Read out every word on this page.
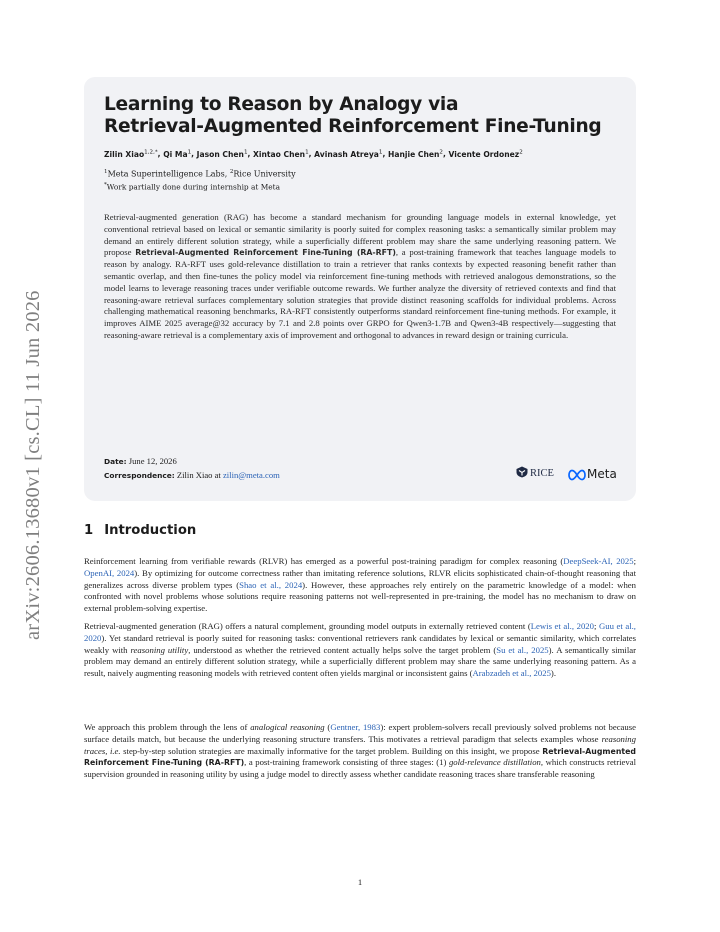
arXiv:2606.13680v1 [cs.CL] 11 Jun 2026
Learning to Reason by Analogy via
Retrieval-Augmented Reinforcement Fine-Tuning
Zilin Xiao$^{1,2,*}$, Qi Ma$^1$, Jason Chen$^1$, Xintao Chen$^1$, Avinash Atreya$^1$, Hanjie Chen$^2$, Vicente Ordonez$^2$
$^1$Meta Superintelligence Labs, $^2$Rice University
*Work partially done during internship at Meta

Retrieval-augmented generation (RAG) has become a standard mechanism for grounding language models in external knowledge, yet conventional retrieval based on lexical or semantic similarity is poorly suited for complex reasoning tasks: a semantically similar problem may demand an entirely different solution strategy, while a superficially different problem may share the same underlying reasoning pattern. We propose Retrieval-Augmented Reinforcement Fine-Tuning (RA-RFT), a post-training framework that teaches language models to reason by analogy. RA-RFT uses gold-relevance distillation to train a retriever that ranks contexts by expected reasoning benefit rather than semantic overlap, and then fine-tunes the policy model via reinforcement fine-tuning methods with retrieved analogous demonstrations, so the model learns to leverage reasoning traces under verifiable outcome rewards. We further analyze the diversity of retrieved contexts and find that reasoning-aware retrieval surfaces complementary solution strategies that provide distinct reasoning scaffolds for individual problems. Across challenging mathematical reasoning benchmarks, RA-RFT consistently outperforms standard reinforcement fine-tuning methods. For example, it improves AIME 2025 average@32 accuracy by 7.1 and 2.8 points over GRPO for Qwen3-1.7B and Qwen3-4B respectively—suggesting that reasoning-aware retrieval is a complementary axis of improvement and orthogonal to advances in reward design or training curricula.

Date: June 12, 2026
Correspondence: Zilin Xiao at zilin@meta.com	RICE	Meta
1 Introduction

Reinforcement learning from verifiable rewards (RLVR) has emerged as a powerful post-training paradigm for complex reasoning (DeepSeek-AI, 2025; OpenAI, 2024). By optimizing for outcome correctness rather than imitating reference solutions, RLVR elicits sophisticated chain-of-thought reasoning that generalizes across diverse problem types (Shao et al., 2024). However, these approaches rely entirely on the parametric knowledge of a model: when confronted with novel problems whose solutions require reasoning patterns not well-represented in pre-training, the model has no mechanism to draw on external problem-solving expertise.

Retrieval-augmented generation (RAG) offers a natural complement, grounding model outputs in externally retrieved content (Lewis et al., 2020; Guu et al., 2020). Yet standard retrieval is poorly suited for reasoning tasks: conventional retrievers rank candidates by lexical or semantic similarity, which correlates weakly with reasoning utility, understood as whether the retrieved content actually helps solve the target problem (Su et al., 2025). A semantically similar problem may demand an entirely different solution strategy, while a superficially different problem may share the same underlying reasoning pattern. As a result, naively augmenting reasoning models with retrieved content often yields marginal or inconsistent gains (Arabzadeh et al., 2025).

We approach this problem through the lens of analogical reasoning (Gentner, 1983): expert problem-solvers recall previously solved problems not because surface details match, but because the underlying reasoning structure transfers. This motivates a retrieval paradigm that selects examples whose reasoning traces, i.e. step-by-step solution strategies are maximally informative for the target problem. Building on this insight, we propose Retrieval-Augmented Reinforcement Fine-Tuning (RA-RFT), a post-training framework consisting of three stages: (1) gold-relevance distillation, which constructs retrieval supervision grounded in reasoning utility by using a judge model to directly assess whether candidate reasoning traces share transferable reasoning

1
